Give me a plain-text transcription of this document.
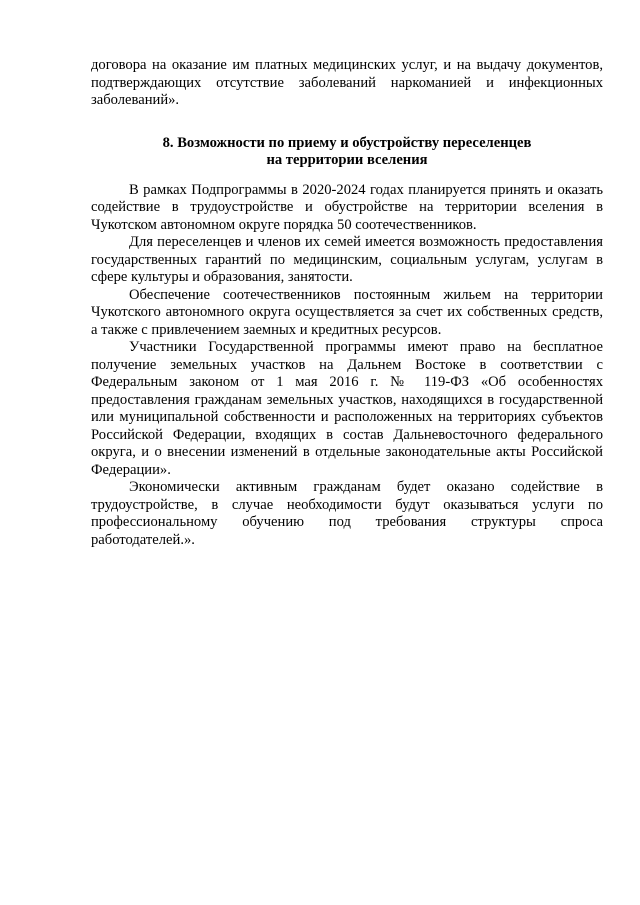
договора на оказание им платных медицинских услуг, и на выдачу документов, подтверждающих отсутствие заболеваний наркоманией и инфекционных заболеваний».

8. Возможности по приему и обустройству переселенцев
на территории вселения

В рамках Подпрограммы в 2020-2024 годах планируется принять и оказать содействие в трудоустройстве и обустройстве на территории вселения в Чукотском автономном округе порядка 50 соотечественников.

Для переселенцев и членов их семей имеется возможность предоставления государственных гарантий по медицинским, социальным услугам, услугам в сфере культуры и образования, занятости.

Обеспечение соотечественников постоянным жильем на территории Чукотского автономного округа осуществляется за счет их собственных средств, а также с привлечением заемных и кредитных ресурсов.

Участники Государственной программы имеют право на бесплатное получение земельных участков на Дальнем Востоке в соответствии с Федеральным законом от 1 мая 2016 г. № 119-ФЗ «Об особенностях предоставления гражданам земельных участков, находящихся в государственной или муниципальной собственности и расположенных на территориях субъектов Российской Федерации, входящих в состав Дальневосточного федерального округа, и о внесении изменений в отдельные законодательные акты Российской Федерации».

Экономически активным гражданам будет оказано содействие в трудоустройстве, в случае необходимости будут оказываться услуги по профессиональному обучению под требования структуры спроса работодателей.».
